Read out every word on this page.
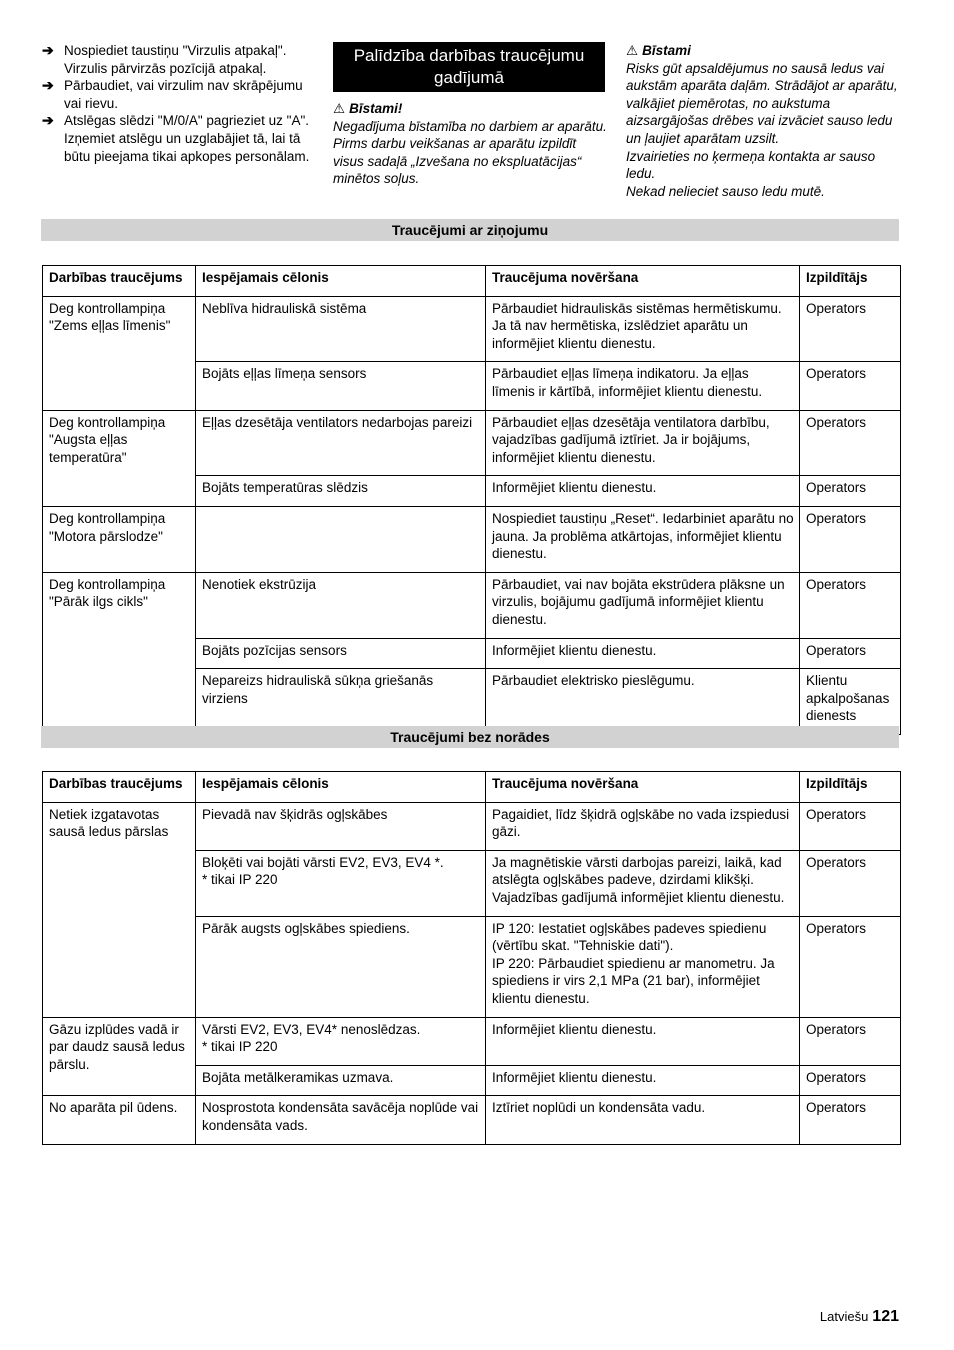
➔ Nospiediet taustiņu "Virzulis atpakaļ". Virzulis pārvirzās pozīcijā atpakaļ.
➔ Pārbaudiet, vai virzulim nav skrāpējumu vai rievu.
➔ Atslēgas slēdzi "M/0/A" pagrieziet uz "A". Izņemiet atslēgu un uzglabājiet tā, lai tā būtu pieejama tikai apkopes personālam.
Palīdzība darbības traucējumu gadījumā
⚠ Bīstami!
Negadījuma bīstamība no darbiem ar aparātu. Pirms darbu veikšanas ar aparātu izpildīt visus sadaļā „Izvešana no ekspluatācijas“ minētos soļus.
⚠ Bīstami
Risks gūt apsaldējumus no sausā ledus vai aukstām aparāta daļām. Strādājot ar aparātu, valkājiet piemērotas, no aukstuma aizsargājošas drēbes vai izvāciet sauso ledu un ļaujiet aparātam uzsilt.
Izvairieties no ķermeņa kontakta ar sauso ledu.
Nekad nelieciet sauso ledu mutē.
Traucējumi ar ziņojumu
Darbības traucējums	Iespējamais cēlonis	Traucējuma novēršana	Izpildītājs
Deg kontrollampiņa "Zems eļļas līmenis"	Neblīva hidrauliskā sistēma	Pārbaudiet hidrauliskās sistēmas hermētiskumu. Ja tā nav hermētiska, izslēdziet aparātu un informējiet klientu dienestu.	Operators
	Bojāts eļļas līmeņa sensors	Pārbaudiet eļļas līmeņa indikatoru. Ja eļļas līmenis ir kārtībā, informējiet klientu dienestu.	Operators
Deg kontrollampiņa "Augsta eļļas temperatūra"	Eļļas dzesētāja ventilators nedarbojas pareizi	Pārbaudiet eļļas dzesētāja ventilatora darbību, vajadzības gadījumā iztīriet. Ja ir bojājums, informējiet klientu dienestu.	Operators
	Bojāts temperatūras slēdzis	Informējiet klientu dienestu.	Operators
Deg kontrollampiņa "Motora pārslodze"		Nospiediet taustiņu „Reset“. Iedarbiniet aparātu no jauna. Ja problēma atkārtojas, informējiet klientu dienestu.	Operators
Deg kontrollampiņa "Pārāk ilgs cikls"	Nenotiek ekstrūzija	Pārbaudiet, vai nav bojāta ekstrūdera plāksne un virzulis, bojājumu gadījumā informējiet klientu dienestu.	Operators
	Bojāts pozīcijas sensors	Informējiet klientu dienestu.	Operators
	Nepareizs hidrauliskā sūkņa griešanās virziens	Pārbaudiet elektrisko pieslēgumu.	Klientu apkalpošanas dienests
Traucējumi bez norādes
Darbības traucējums	Iespējamais cēlonis	Traucējuma novēršana	Izpildītājs
Netiek izgatavotas sausā ledus pārslas	Pievadā nav šķidrās ogļskābes	Pagaidiet, līdz šķidrā ogļskābe no vada izspiedusi gāzi.	Operators
	Bloķēti vai bojāti vārsti EV2, EV3, EV4 *.
* tikai IP 220	Ja magnētiskie vārsti darbojas pareizi, laikā, kad atslēgta ogļskābes padeve, dzirdami klikšķi. Vajadzības gadījumā informējiet klientu dienestu.	Operators
	Pārāk augsts ogļskābes spiediens.	IP 120: Iestatiet ogļskābes padeves spiedienu (vērtību skat. "Tehniskie dati").
IP 220: Pārbaudiet spiedienu ar manometru. Ja spiediens ir virs 2,1 MPa (21 bar), informējiet klientu dienestu.	Operators
Gāzu izplūdes vadā ir par daudz sausā ledus pārslu.	Vārsti EV2, EV3, EV4* nenoslēdzas.
* tikai IP 220	Informējiet klientu dienestu.	Operators
	Bojāta metālkeramikas uzmava.	Informējiet klientu dienestu.	Operators
No aparāta pil ūdens.	Nosprostota kondensāta savācēja noplūde vai kondensāta vads.	Iztīriet noplūdi un kondensāta vadu.	Operators
Latviešu 121
